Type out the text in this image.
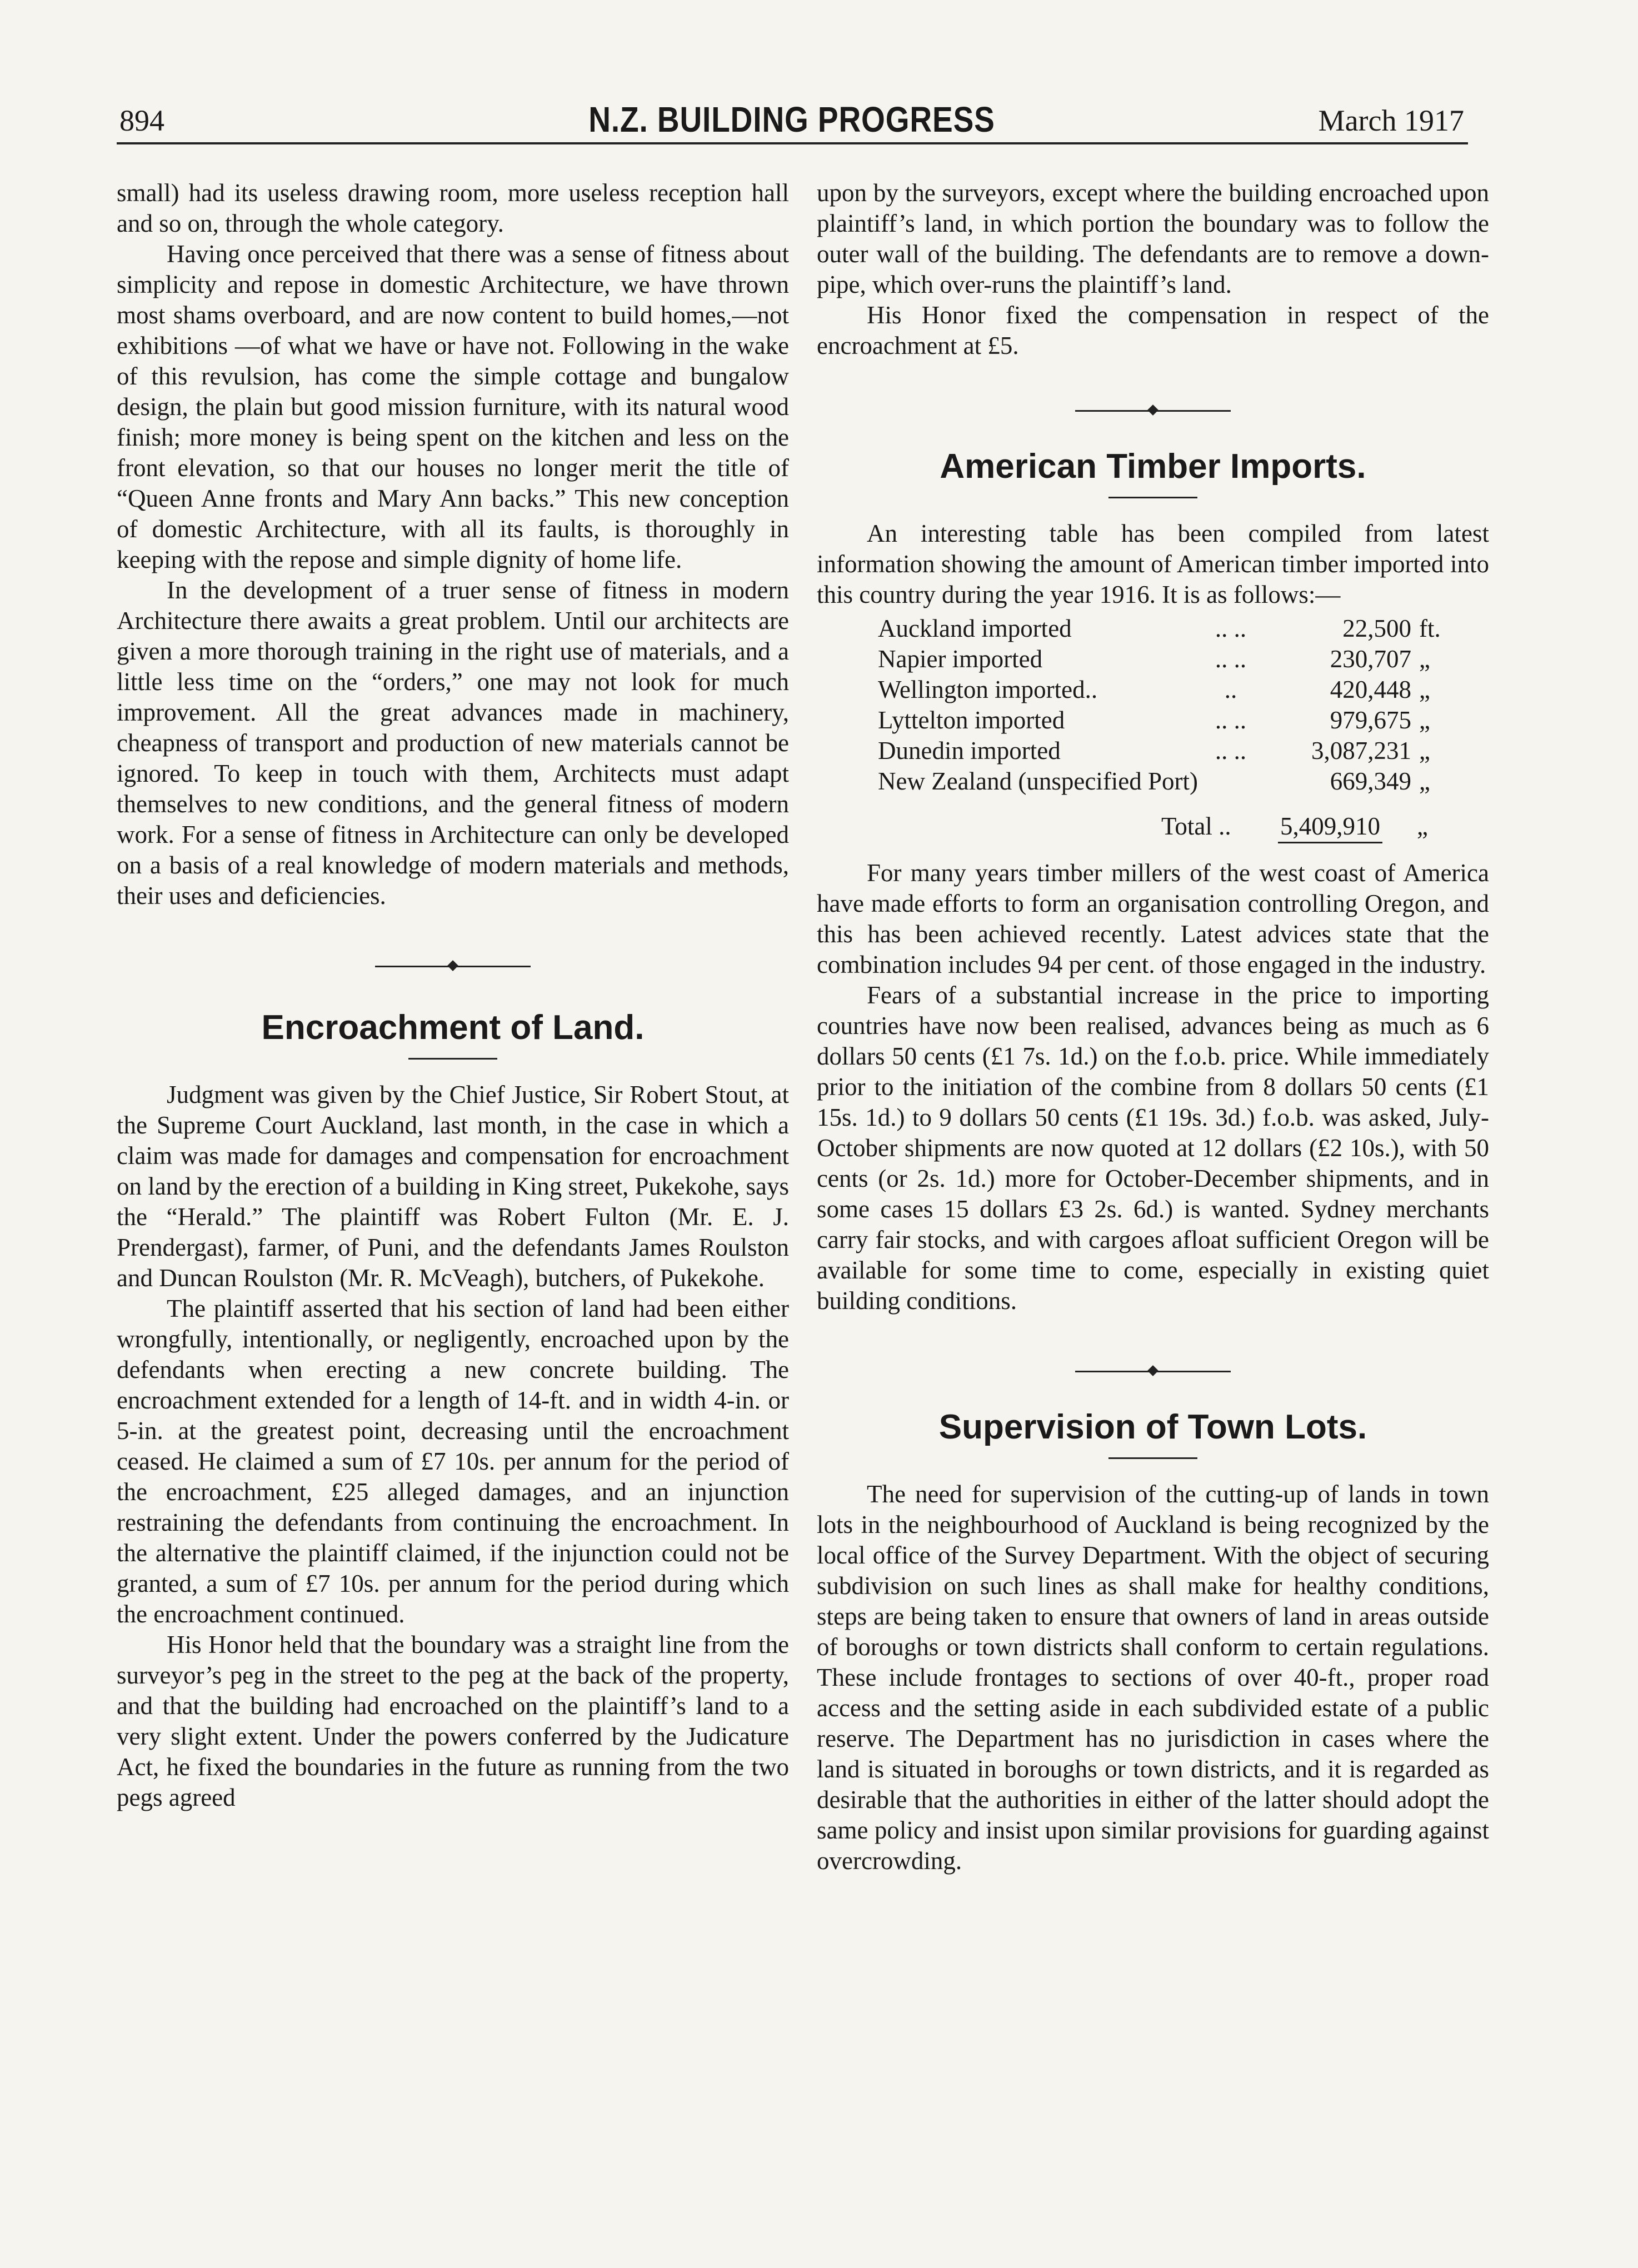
894	N.Z. BUILDING PROGRESS	March 1917

small) had its useless drawing room, more useless reception hall and so on, through the whole category.

Having once perceived that there was a sense of fitness about simplicity and repose in domestic Architecture, we have thrown most shams overboard, and are now content to build homes,—not exhibitions —of what we have or have not. Following in the wake of this revulsion, has come the simple cottage and bungalow design, the plain but good mission furniture, with its natural wood finish; more money is being spent on the kitchen and less on the front elevation, so that our houses no longer merit the title of “Queen Anne fronts and Mary Ann backs.” This new conception of domestic Architecture, with all its faults, is thoroughly in keeping with the repose and simple dignity of home life.

In the development of a truer sense of fitness in modern Architecture there awaits a great problem. Until our architects are given a more thorough training in the right use of materials, and a little less time on the “orders,” one may not look for much improvement. All the great advances made in machinery, cheapness of transport and production of new materials cannot be ignored. To keep in touch with them, Architects must adapt themselves to new conditions, and the general fitness of modern work. For a sense of fitness in Architecture can only be developed on a basis of a real knowledge of modern materials and methods, their uses and deficiencies.

Encroachment of Land.

Judgment was given by the Chief Justice, Sir Robert Stout, at the Supreme Court Auckland, last month, in the case in which a claim was made for damages and compensation for encroachment on land by the erection of a building in King street, Pukekohe, says the “Herald.” The plaintiff was Robert Fulton (Mr. E. J. Prendergast), farmer, of Puni, and the defendants James Roulston and Duncan Roulston (Mr. R. McVeagh), butchers, of Pukekohe.

The plaintiff asserted that his section of land had been either wrongfully, intentionally, or negligently, encroached upon by the defendants when erecting a new concrete building. The encroachment extended for a length of 14-ft. and in width 4-in. or 5-in. at the greatest point, decreasing until the encroachment ceased. He claimed a sum of £7 10s. per annum for the period of the encroachment, £25 alleged damages, and an injunction restraining the defendants from continuing the encroachment. In the alternative the plaintiff claimed, if the injunction could not be granted, a sum of £7 10s. per annum for the period during which the encroachment continued.

His Honor held that the boundary was a straight line from the surveyor’s peg in the street to the peg at the back of the property, and that the building had encroached on the plaintiff’s land to a very slight extent. Under the powers conferred by the Judicature Act, he fixed the boundaries in the future as running from the two pegs agreed

upon by the surveyors, except where the building encroached upon plaintiff’s land, in which portion the boundary was to follow the outer wall of the building. The defendants are to remove a down-pipe, which over-runs the plaintiff’s land.

His Honor fixed the compensation in respect of the encroachment at £5.

American Timber Imports.

An interesting table has been compiled from latest information showing the amount of American timber imported into this country during the year 1916. It is as follows:—

Auckland imported	.. ..	22,500	ft.
Napier imported	.. ..	230,707	„
Wellington imported..	..	420,448	„
Lyttelton imported	.. ..	979,675	„
Dunedin imported	.. ..	3,087,231	„
New Zealand (unspecified Port)		669,349	„
Total .. 5,409,910 „

For many years timber millers of the west coast of America have made efforts to form an organisation controlling Oregon, and this has been achieved recently. Latest advices state that the combination includes 94 per cent. of those engaged in the industry.

Fears of a substantial increase in the price to importing countries have now been realised, advances being as much as 6 dollars 50 cents (£1 7s. 1d.) on the f.o.b. price. While immediately prior to the initiation of the combine from 8 dollars 50 cents (£1 15s. 1d.) to 9 dollars 50 cents (£1 19s. 3d.) f.o.b. was asked, July-October shipments are now quoted at 12 dollars (£2 10s.), with 50 cents (or 2s. 1d.) more for October-December shipments, and in some cases 15 dollars £3 2s. 6d.) is wanted. Sydney merchants carry fair stocks, and with cargoes afloat sufficient Oregon will be available for some time to come, especially in existing quiet building conditions.

Supervision of Town Lots.

The need for supervision of the cutting-up of lands in town lots in the neighbourhood of Auckland is being recognized by the local office of the Survey Department. With the object of securing subdivision on such lines as shall make for healthy conditions, steps are being taken to ensure that owners of land in areas outside of boroughs or town districts shall conform to certain regulations. These include frontages to sections of over 40-ft., proper road access and the setting aside in each subdivided estate of a public reserve. The Department has no jurisdiction in cases where the land is situated in boroughs or town districts, and it is regarded as desirable that the authorities in either of the latter should adopt the same policy and insist upon similar provisions for guarding against overcrowding.
